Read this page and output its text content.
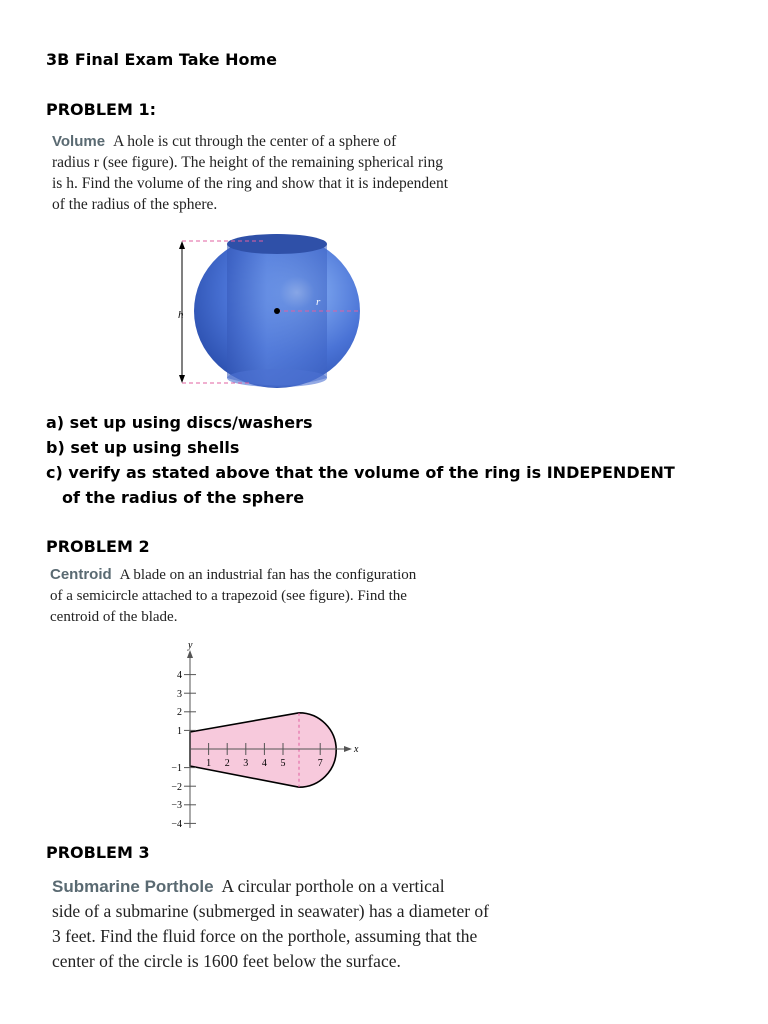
3B Final Exam Take Home
PROBLEM 1:
Volume A hole is cut through the center of a sphere of
radius r (see figure). The height of the remaining spherical ring
is h. Find the volume of the ring and show that it is independent
of the radius of the sphere.
h
r
a) set up using discs/washers
b) set up using shells
c) verify as stated above that the volume of the ring is INDEPENDENT
of the radius of the sphere
PROBLEM 2
Centroid A blade on an industrial fan has the configuration
of a semicircle attached to a trapezoid (see figure). Find the
centroid of the blade.
y
x
1 2 3 4 5	7
4
3
2
1
−1
−2
−3
−4
PROBLEM 3
Submarine Porthole A circular porthole on a vertical
side of a submarine (submerged in seawater) has a diameter of
3 feet. Find the fluid force on the porthole, assuming that the
center of the circle is 1600 feet below the surface.
